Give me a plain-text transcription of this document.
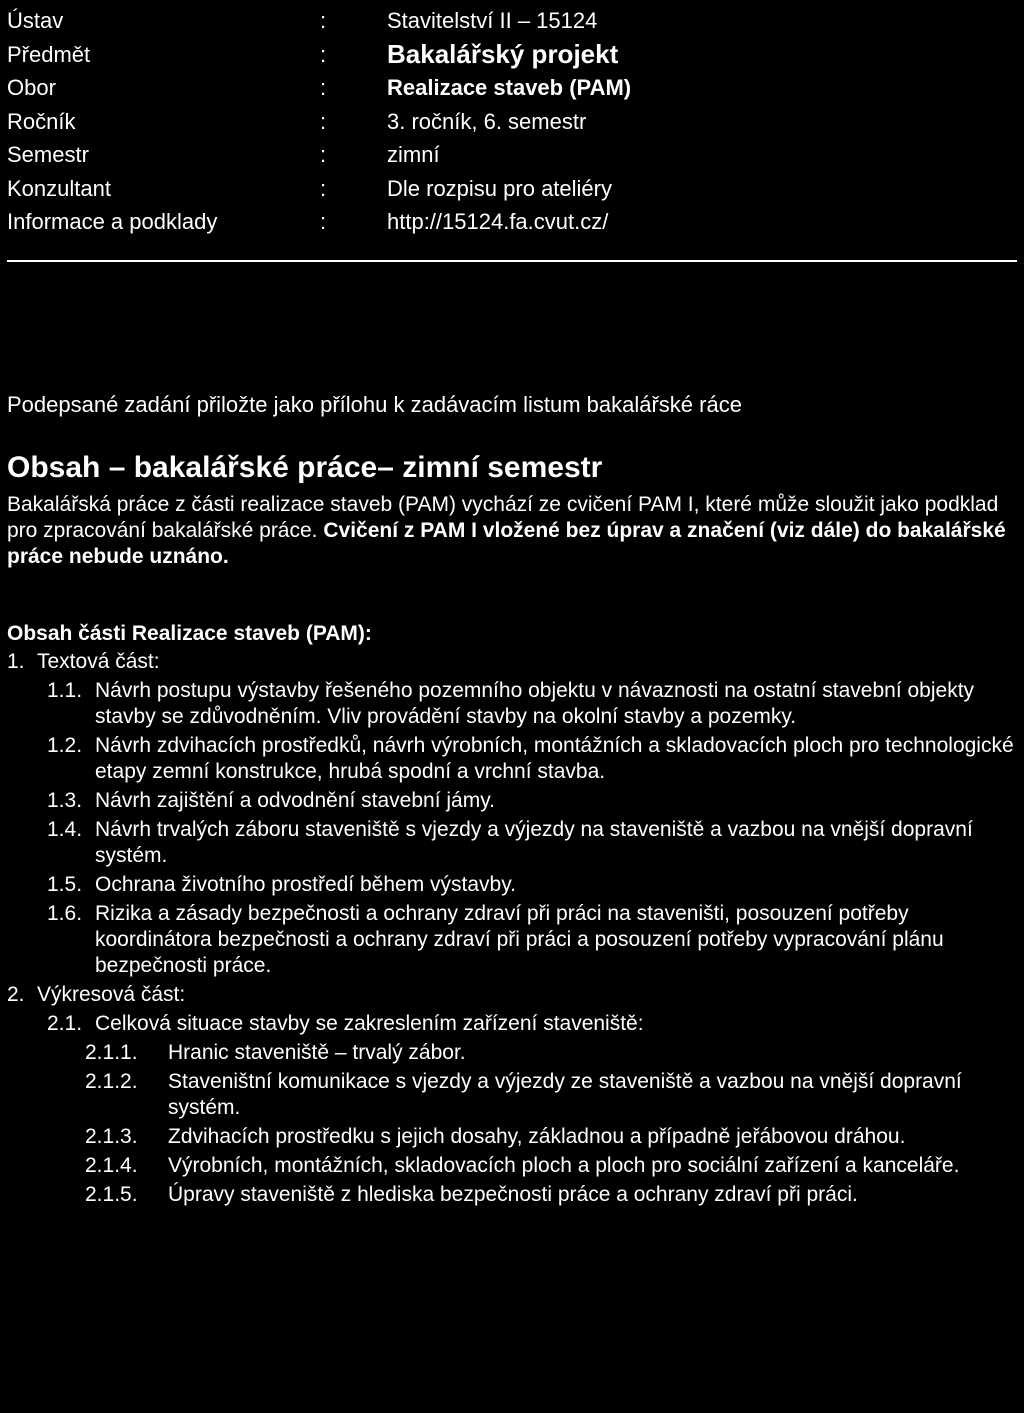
Ústav	:	Stavitelství II – 15124
Předmět	: Bakalářský projekt
Obor	:	Realizace staveb (PAM)
Ročník	:	3. ročník, 6. semestr
Semestr	:	zimní
Konzultant	:	Dle rozpisu pro ateliéry
Informace a podklady	:	http://15124.fa.cvut.cz/
Podepsané zadání přiložte jako přílohu k zadávacím listum bakalářské ráce
Obsah – bakalářské práce– zimní semestr
Bakalářská práce z části realizace staveb (PAM) vychází ze cvičení PAM I, které může sloužit jako podklad pro zpracování bakalářské práce. Cvičení z PAM I vložené bez úprav a značení (viz dále) do bakalářské práce nebude uznáno.
Obsah části Realizace staveb (PAM):
1. Textová část:
1.1. Návrh postupu výstavby řešeného pozemního objektu v návaznosti na ostatní stavební objekty stavby se zdůvodněním. Vliv provádění stavby na okolní stavby a pozemky.
1.2. Návrh zdvihacích prostředků, návrh výrobních, montážních a skladovacích ploch pro technologické etapy zemní konstrukce, hrubá spodní a vrchní stavba.
1.3. Návrh zajištění a odvodnění stavební jámy.
1.4. Návrh trvalých záboru staveniště s vjezdy a výjezdy na staveniště a vazbou na vnější dopravní systém.
1.5. Ochrana životního prostředí během výstavby.
1.6. Rizika a zásady bezpečnosti a ochrany zdraví při práci na staveništi, posouzení potřeby koordinátora bezpečnosti a ochrany zdraví při práci a posouzení potřeby vypracování plánu bezpečnosti práce.
2. Výkresová část:
2.1. Celková situace stavby se zakreslením zařízení staveniště:
2.1.1. Hranic staveniště – trvalý zábor.
2.1.2. Staveništní komunikace s vjezdy a výjezdy ze staveniště a vazbou na vnější dopravní systém.
2.1.3. Zdvihacích prostředku s jejich dosahy, základnou a případně jeřábovou dráhou.
2.1.4. Výrobních, montážních, skladovacích ploch a ploch pro sociální zařízení a kanceláře.
2.1.5. Úpravy staveniště z hlediska bezpečnosti práce a ochrany zdraví při práci.
